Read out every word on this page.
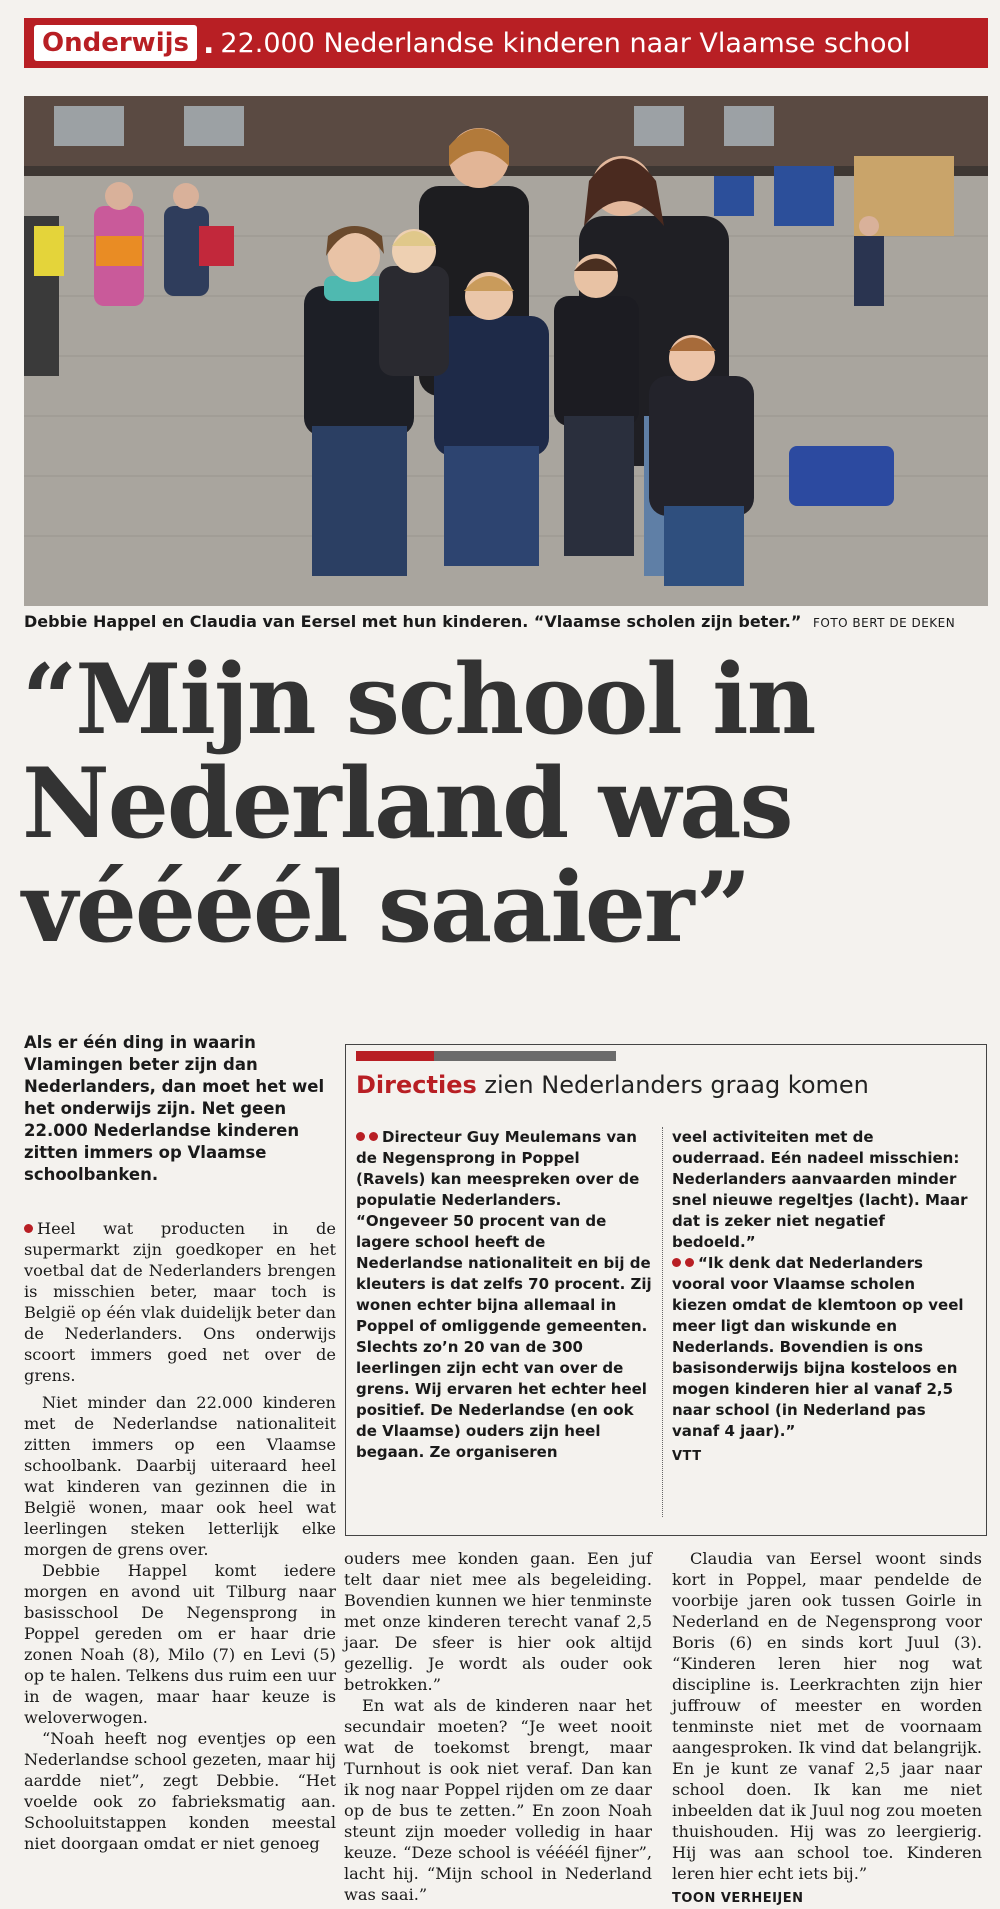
Onderwijs . 22.000 Nederlandse kinderen naar Vlaamse school
Debbie Happel en Claudia van Eersel met hun kinderen. “Vlaamse scholen zijn beter.” FOTO BERT DE DEKEN
“Mijn school in
Nederland was
véééél saaier”
Als er één ding in waarin Vlamingen beter zijn dan Nederlanders, dan moet het wel het onderwijs zijn. Net geen 22.000 Nederlandse kinderen zitten immers op Vlaamse schoolbanken.

Heel wat producten in de supermarkt zijn goedkoper en het voetbal dat de Nederlanders brengen is misschien beter, maar toch is België op één vlak duidelijk beter dan de Nederlanders. Ons onderwijs scoort immers goed net over de grens.

Niet minder dan 22.000 kinderen met de Nederlandse nationaliteit zitten immers op een Vlaamse schoolbank. Daarbij uiteraard heel wat kinderen van gezinnen die in België wonen, maar ook heel wat leerlingen steken letterlijk elke morgen de grens over.

Debbie Happel komt iedere morgen en avond uit Tilburg naar basisschool De Negensprong in Poppel gereden om er haar drie zonen Noah (8), Milo (7) en Levi (5) op te halen. Telkens dus ruim een uur in de wagen, maar haar keuze is weloverwogen.

“Noah heeft nog eventjes op een Nederlandse school gezeten, maar hij aardde niet”, zegt Debbie. “Het voelde ook zo fabrieksmatig aan. Schooluitstappen konden meestal niet doorgaan omdat er niet genoeg

Directies zien Nederlanders graag komen
Directeur Guy Meulemans van de Negensprong in Poppel (Ravels) kan meespreken over de populatie Nederlanders. “Ongeveer 50 procent van de lagere school heeft de Nederlandse nationaliteit en bij de kleuters is dat zelfs 70 procent. Zij wonen echter bijna allemaal in Poppel of omliggende gemeenten. Slechts zo’n 20 van de 300 leerlingen zijn echt van over de grens. Wij ervaren het echter heel positief. De Nederlandse (en ook de Vlaamse) ouders zijn heel begaan. Ze organiseren
veel activiteiten met de ouderraad. Eén nadeel misschien: Nederlanders aanvaarden minder snel nieuwe regeltjes (lacht). Maar dat is zeker niet negatief bedoeld.”
“Ik denk dat Nederlanders vooral voor Vlaamse scholen kiezen omdat de klemtoon op veel meer ligt dan wiskunde en Nederlands. Bovendien is ons basisonderwijs bijna kosteloos en mogen kinderen hier al vanaf 2,5 naar school (in Nederland pas vanaf 4 jaar).”
VTT

ouders mee konden gaan. Een juf telt daar niet mee als begeleiding. Bovendien kunnen we hier tenminste met onze kinderen terecht vanaf 2,5 jaar. De sfeer is hier ook altijd gezellig. Je wordt als ouder ook betrokken.”

En wat als de kinderen naar het secundair moeten? “Je weet nooit wat de toekomst brengt, maar Turnhout is ook niet veraf. Dan kan ik nog naar Poppel rijden om ze daar op de bus te zetten.” En zoon Noah steunt zijn moeder volledig in haar keuze. “Deze school is véééél fijner”, lacht hij. “Mijn school in Nederland was saai.”

Claudia van Eersel woont sinds kort in Poppel, maar pendelde de voorbije jaren ook tussen Goirle in Nederland en de Negensprong voor Boris (6) en sinds kort Juul (3). “Kinderen leren hier nog wat discipline is. Leerkrachten zijn hier juffrouw of meester en worden tenminste niet met de voornaam aangesproken. Ik vind dat belangrijk. En je kunt ze vanaf 2,5 jaar naar school doen. Ik kan me niet inbeelden dat ik Juul nog zou moeten thuishouden. Hij was zo leergierig. Hij was aan school toe. Kinderen leren hier echt iets bij.”

TOON VERHEIJEN
